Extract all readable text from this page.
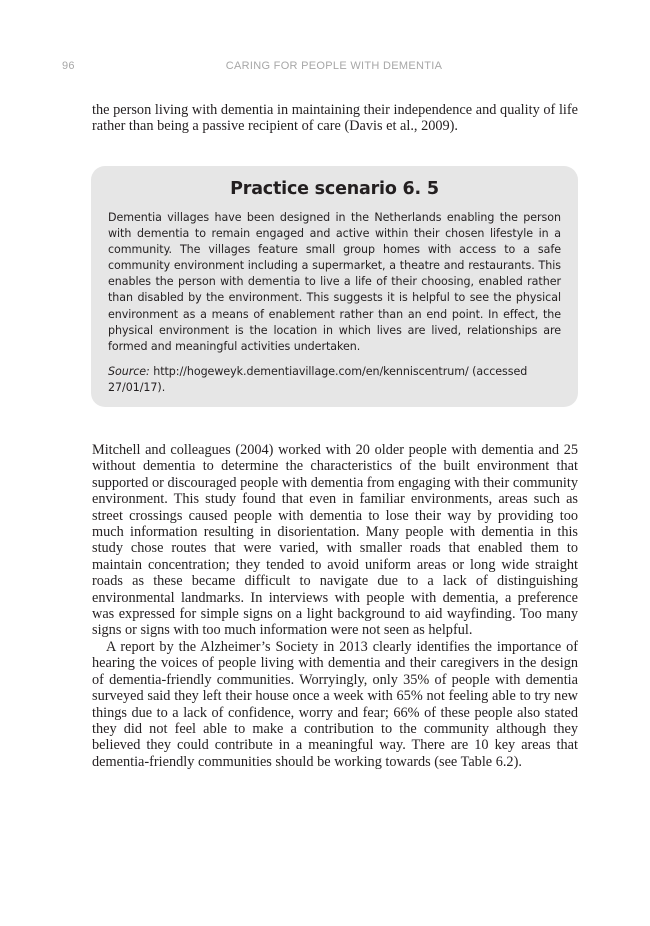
96	CARING FOR PEOPLE WITH DEMENTIA

the person living with dementia in maintaining their independence and quality of life rather than being a passive recipient of care (Davis et al., 2009).

Practice scenario 6. 5

Dementia villages have been designed in the Netherlands enabling the person with dementia to remain engaged and active within their chosen lifestyle in a community. The villages feature small group homes with access to a safe community environment including a supermarket, a theatre and restaurants. This enables the person with dementia to live a life of their choosing, enabled rather than disabled by the environment. This suggests it is helpful to see the physical environment as a means of enablement rather than an end point. In effect, the physical environment is the location in which lives are lived, relationships are formed and meaningful activities undertaken.

Source: http://hogeweyk.dementiavillage.com/en/kenniscentrum/ (accessed 27/01/17).

Mitchell and colleagues (2004) worked with 20 older people with dementia and 25 without dementia to determine the characteristics of the built environment that supported or discouraged people with dementia from engaging with their community environment. This study found that even in familiar environments, areas such as street crossings caused people with dementia to lose their way by providing too much information resulting in disorientation. Many people with dementia in this study chose routes that were varied, with smaller roads that enabled them to maintain concentration; they tended to avoid uniform areas or long wide straight roads as these became difficult to navigate due to a lack of distinguishing environmental landmarks. In interviews with people with dementia, a preference was expressed for simple signs on a light background to aid wayfinding. Too many signs or signs with too much information were not seen as helpful.

A report by the Alzheimer’s Society in 2013 clearly identifies the importance of hearing the voices of people living with dementia and their caregivers in the design of dementia-friendly communities. Worryingly, only 35% of people with dementia surveyed said they left their house once a week with 65% not feeling able to try new things due to a lack of confidence, worry and fear; 66% of these people also stated they did not feel able to make a contribution to the community although they believed they could contribute in a meaningful way. There are 10 key areas that dementia-friendly communities should be working towards (see Table 6.2).
